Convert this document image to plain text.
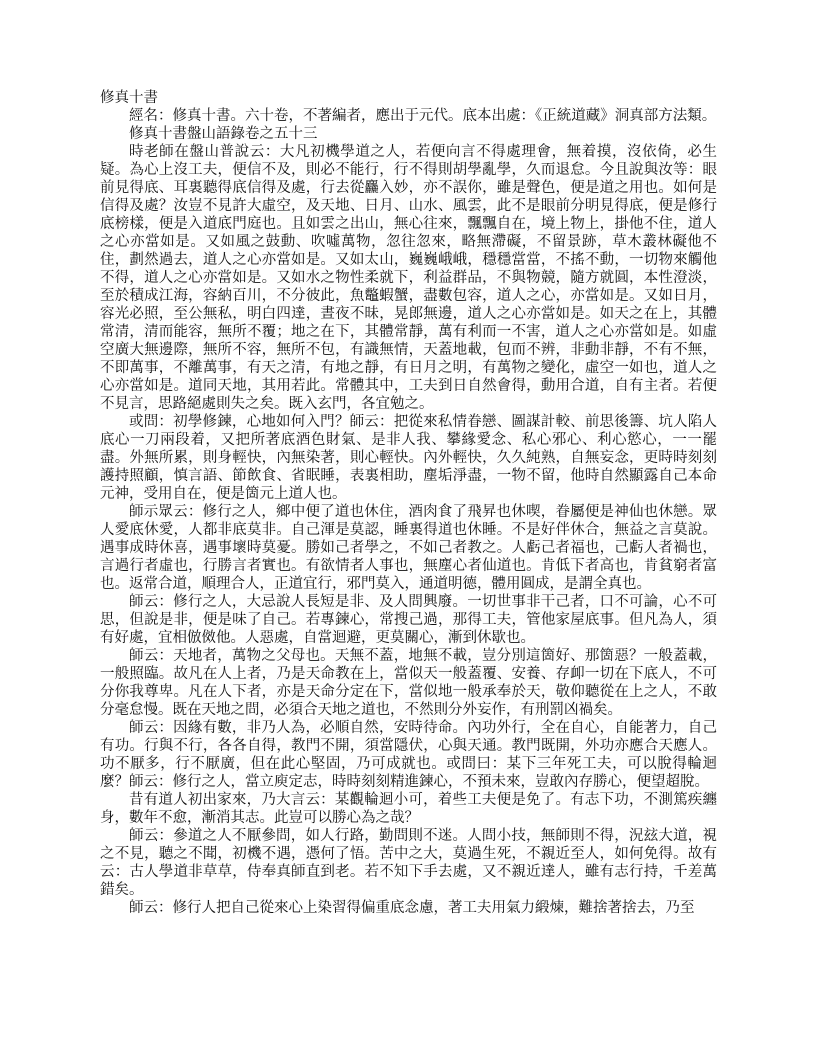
修真十書

經名：修真十書。六十卷，不著編者，應出于元代。底本出處：《正統道藏》洞真部方法類。

修真十書盤山語錄卷之五十三

時老師在盤山普說云：大凡初機學道之人，若便向言不得處理會，無着摸，沒依倚，必生疑。為心上沒工夫，便信不及，則必不能行，行不得則胡學亂學，久而退怠。今且說與汝等：眼前見得底、耳裏聽得底信得及處，行去從麤入妙，亦不誤你，雖是聲色，便是道之用也。如何是信得及處？汝豈不見許大虛空，及天地、日月、山水、風雲，此不是眼前分明見得底，便是修行底榜樣，便是入道底門庭也。且如雲之出山，無心往來，飄飄自在，境上物上，掛他不住，道人之心亦當如是。又如風之鼓動、吹噓萬物，忽往忽來，略無滯礙，不留景跡，草木叢林礙他不住，劃然過去，道人之心亦當如是。又如太山，巍巍峨峨，穩穩當當，不搖不動，一切物來觸他不得，道人之心亦當如是。又如水之物性柔就下，利益群品，不與物競，隨方就圓，本性澄淡，至於積成江海，容納百川，不分彼此，魚鼈蝦蟹，盡數包容，道人之心，亦當如是。又如日月，容光必照，至公無私，明白四達，晝夜不昧，晃郎無邊，道人之心亦當如是。如天之在上，其體常清，清而能容，無所不覆；地之在下，其體常靜，萬有利而一不害，道人之心亦當如是。如虛空廣大無邊際，無所不容，無所不包，有識無情，天蓋地載，包而不辨，非動非靜，不有不無，不即萬事，不離萬事，有天之清，有地之靜，有日月之明，有萬物之變化，虛空一如也，道人之心亦當如是。道同天地，其用若此。常體其中，工夫到日自然會得，動用合道，自有主者。若便不見言，思路絕處則失之矣。既入玄門，各宜勉之。

或問：初學修鍊，心地如何入門？師云：把從來私情眷戀、圖謀計較、前思後籌、坑人陷人底心一刀兩段着，又把所著底酒色財氣、是非人我、攀緣愛念、私心邪心、利心慾心，一一罷盡。外無所累，則身輕快，內無染著，則心輕快。內外輕快，久久純熟，自無妄念，更時時刻刻護持照顧，慎言語、節飲食、省眠睡，表裏相助，塵垢淨盡，一物不留，他時自然顯露自己本命元神，受用自在，便是箇元上道人也。

師示眾云：修行之人，鄉中便了道也休住，酒肉食了飛昇也休喫，眷屬便是神仙也休戀。眾人愛底休愛，人都非底莫非。自己渾是莫認，睡裏得道也休睡。不是好伴休合，無益之言莫說。遇事成時休喜，遇事壞時莫憂。勝如己者學之，不如己者教之。人虧己者福也，己虧人者禍也，言過行者虛也，行勝言者實也。有欲情者人事也，無塵心者仙道也。肯低下者高也，肯貧窮者富也。返常合道，順理合人，正道宜行，邪門莫入，通道明德，體用圓成，是謂全真也。

師云：修行之人，大忌說人長短是非、及人問興廢。一切世事非干己者，口不可論，心不可思，但說是非，便是味了自己。若專鍊心，常搜己過，那得工夫，管他家屋底事。但凡為人，須有好處，宜相倣傚他。人惡處，自當迴避，更莫關心，漸到休歇也。

師云：天地者，萬物之父母也。天無不蓋，地無不載，豈分別這箇好、那箇惡？一般蓋載，一般照臨。故凡在人上者，乃是天命教在上，當似天一般蓋覆、安養、存卹一切在下底人，不可分你我尊卑。凡在人下者，亦是天命分定在下，當似地一般承奉於天，敬仰聽從在上之人，不敢分毫怠慢。既在天地之問，必須合天地之道也，不然則分外妄作，有刑罰凶禍矣。

師云：因緣有數，非乃人為，必順自然，安時待命。內功外行，全在自心，自能著力，自己有功。行與不行，各各自得，教門不開，須當隱伏，心與天通。教門既開，外功亦應合天應人。功不厭多，行不厭廣，但在此心堅固，乃可成就也。或問曰：某下三年死工夫，可以脫得輪迴麼？師云：修行之人，當立庾定志，時時刻刻精進鍊心，不預未來，豈敢內存勝心，便望超脫。

昔有道人初出家來，乃大言云：某觀輪迴小可，着些工夫便是免了。有志下功，不測篤疾纏身，數年不愈，漸消其志。此豈可以勝心為之哉？

師云：參道之人不厭參問，如人行路，勤問則不迷。人問小技，無師則不得，況玆大道，視之不見，聽之不聞，初機不遇，憑何了悟。苦中之大，莫過生死，不親近至人，如何免得。故有云：古人學道非草草，侍奉真師直到老。若不知下手去處，又不親近達人，雖有志行持，千差萬錯矣。

師云：修行人把自己從來心上染習得偏重底念慮，著工夫用氣力緞煉，難捨著捨去，乃至
